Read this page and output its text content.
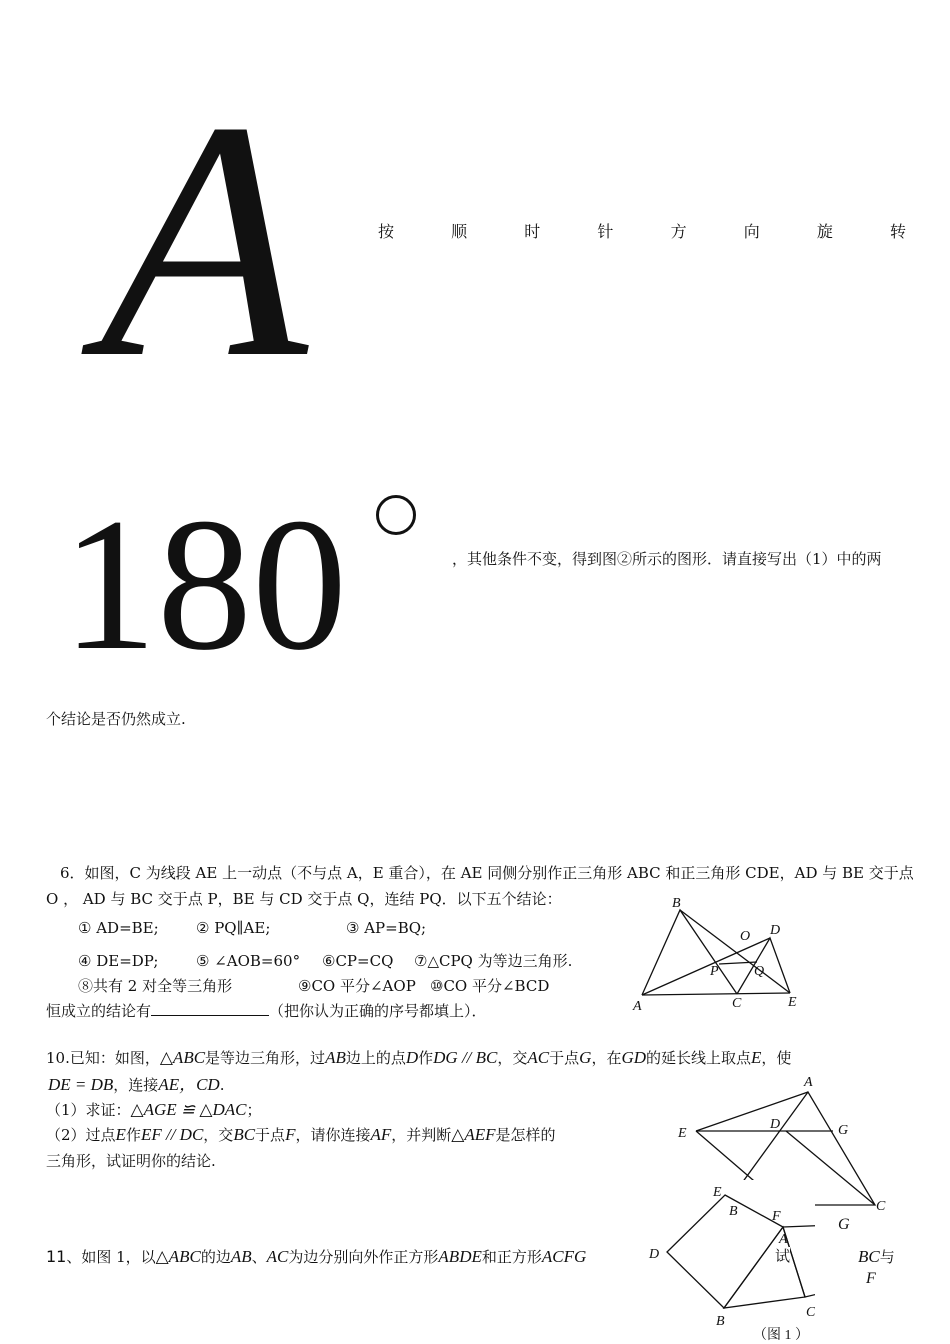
A	按	顺	时	针	方	向	旋	转
180	，其他条件不变，得到图②所示的图形．请直接写出（1）中的两
个结论是否仍然成立.
6．如图，C 为线段 AE 上一动点（不与点 A，E 重合），在 AE 同侧分别作正三角形 ABC 和正三角形 CDE，AD 与 BE 交于点
O ， AD 与 BC 交于点 P，BE 与 CD 交于点 Q，连结 PQ．以下五个结论：
① AD=BE; ② PQ∥AE;	③ AP=BQ;
④ DE=DP;	⑤ ∠AOB=60° ⑥CP=CQ ⑦△CPQ 为等边三角形.
⑧共有 2 对全等三角形	⑨CO 平分∠AOP ⑩CO 平分∠BCD
恒成立的结论有	（把你认为正确的序号都填上）．
B
O D
P	Q
A	C	E
10.已知：如图，△ABC是等边三角形，过AB边上的点D作DG // BC，交AC于点G，在GD的延长线上取点E，使
DE = DB，连接AE，CD.
（1）求证：△AGE ≌ △DAC；
（2）过点E作EF // DC，交BC于点F，请你连接AF，并判断△AEF是怎样的
三角形，试证明你的结论.
A
D	G
E
C
11、如图 1，以△ABC的边AB、AC为边分别向外作正方形ABDE和正方形ACFG
E
B F
A
D
B
C
（图 1 ）
G
试	BC与
F
